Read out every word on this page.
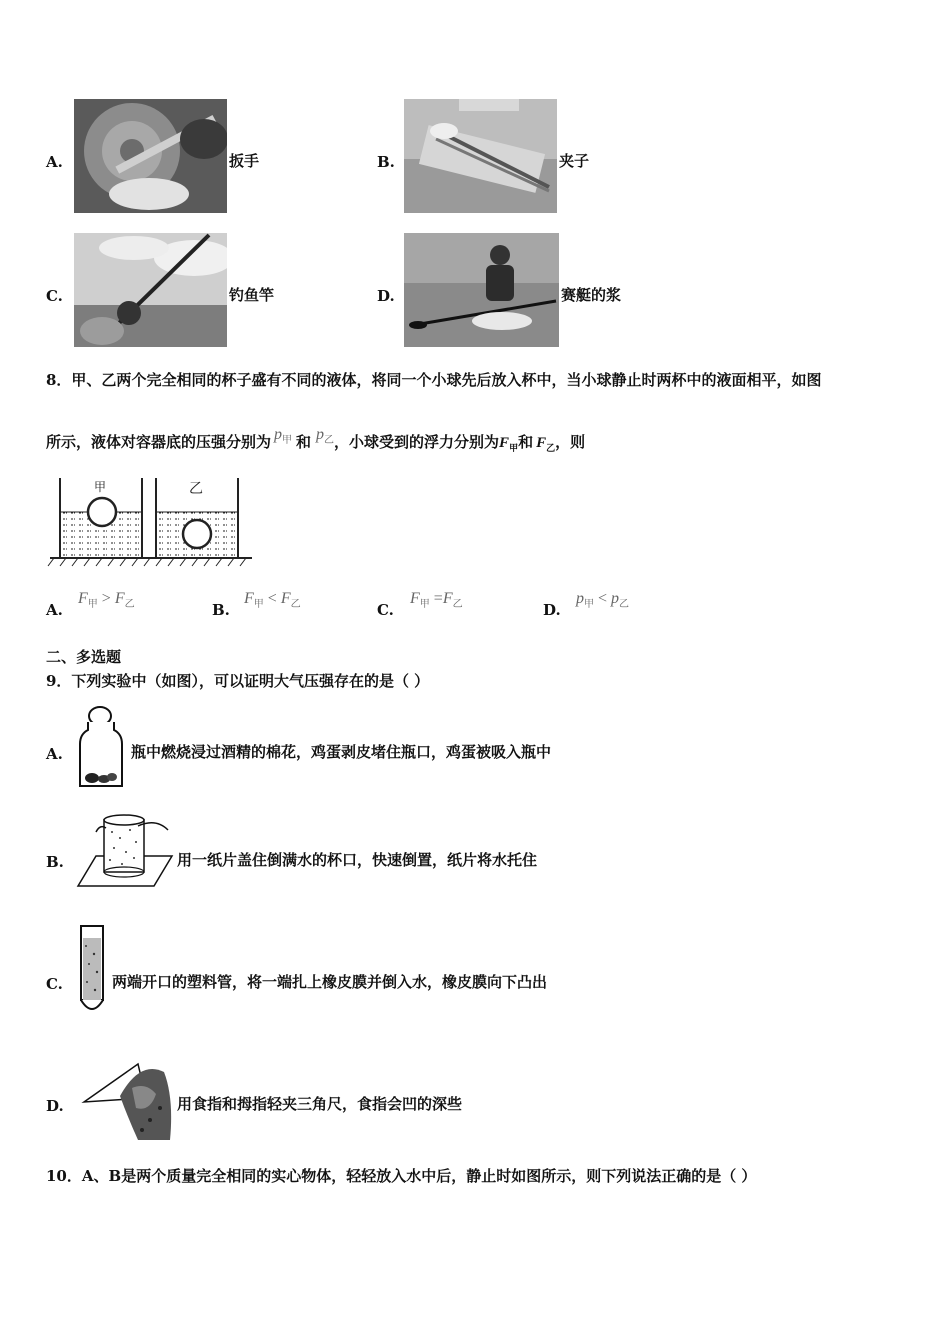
A.	扳手	B.	夹子
C.	钓鱼竿	D.	赛艇的浆
8．甲、乙两个完全相同的杯子盛有不同的液体，将同一个小球先后放入杯中，当小球静止时两杯中的液面相平，如图
所示，液体对容器底的压强分别为 $p_甲$ 和 $p_乙$，小球受到的浮力分别为$F_甲$和 $F_乙$，则
甲	乙
A.
$F_甲 > F_乙$	B.
$F_甲 < F_乙$	C.
$F_甲 =F_乙$	D.
$p_甲 < p_乙$
二、多选题
9．下列实验中（如图），可以证明大气压强存在的是（ ）
A.	瓶中燃烧浸过酒精的棉花，鸡蛋剥皮堵住瓶口，鸡蛋被吸入瓶中
B.	用一纸片盖住倒满水的杯口，快速倒置，纸片将水托住
C.	两端开口的塑料管，将一端扎上橡皮膜并倒入水，橡皮膜向下凸出
D.	用食指和拇指轻夹三角尺，食指会凹的深些
10．A、B是两个质量完全相同的实心物体，轻轻放入水中后，静止时如图所示，则下列说法正确的是（ ）
